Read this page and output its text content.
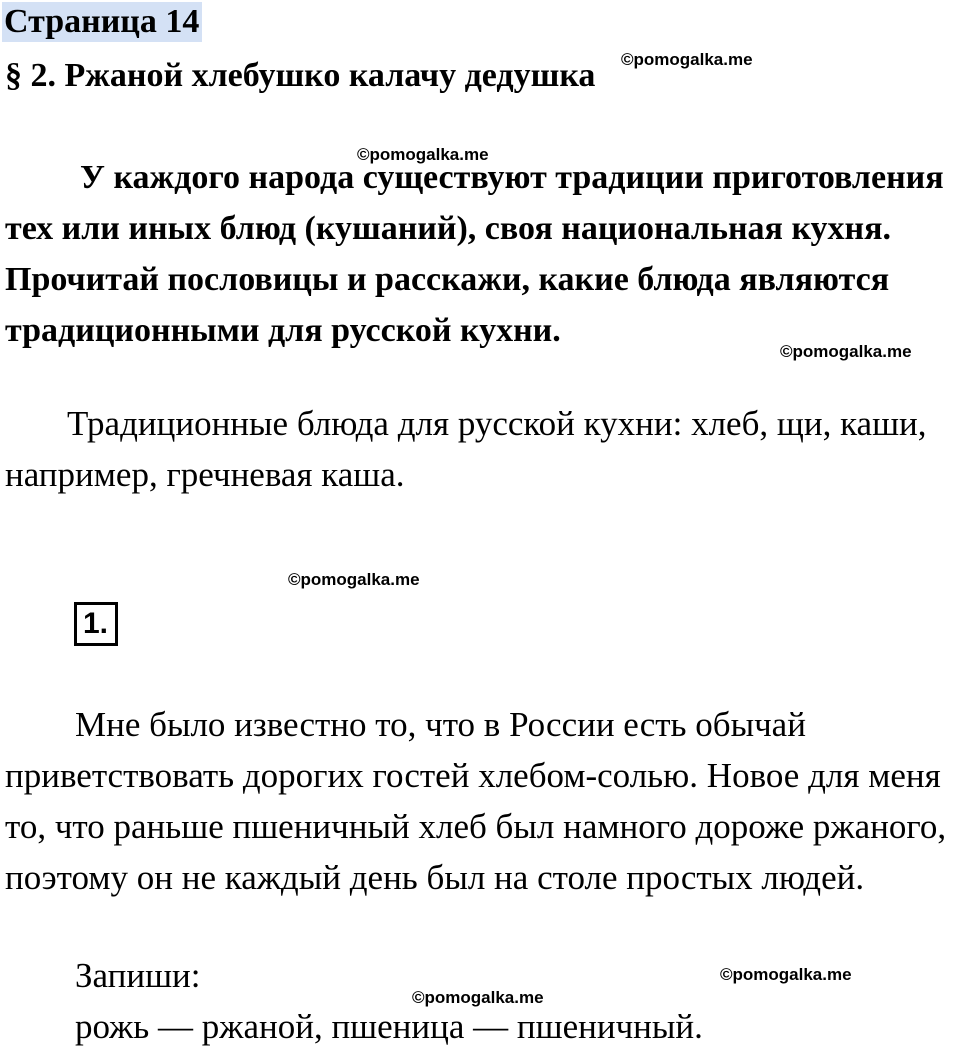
Страница 14
§ 2. Ржаной хлебушко калачу дедушка

У каждого народа существуют традиции приготовления тех или иных блюд (кушаний), своя национальная кухня. Прочитай пословицы и расскажи, какие блюда являются традиционными для русской кухни.

Традиционные блюда для русской кухни: хлеб, щи, каши, например, гречневая каша.

1.

Мне было известно то, что в России есть обычай приветствовать дорогих гостей хлебом-солью. Новое для меня то, что раньше пшеничный хлеб был намного дороже ржаного, поэтому он не каждый день был на столе простых людей.

Запиши:
рожь — ржаной, пшеница — пшеничный.
©pomogalka.me
©pomogalka.me
©pomogalka.me
©pomogalka.me
©pomogalka.me
©pomogalka.me
